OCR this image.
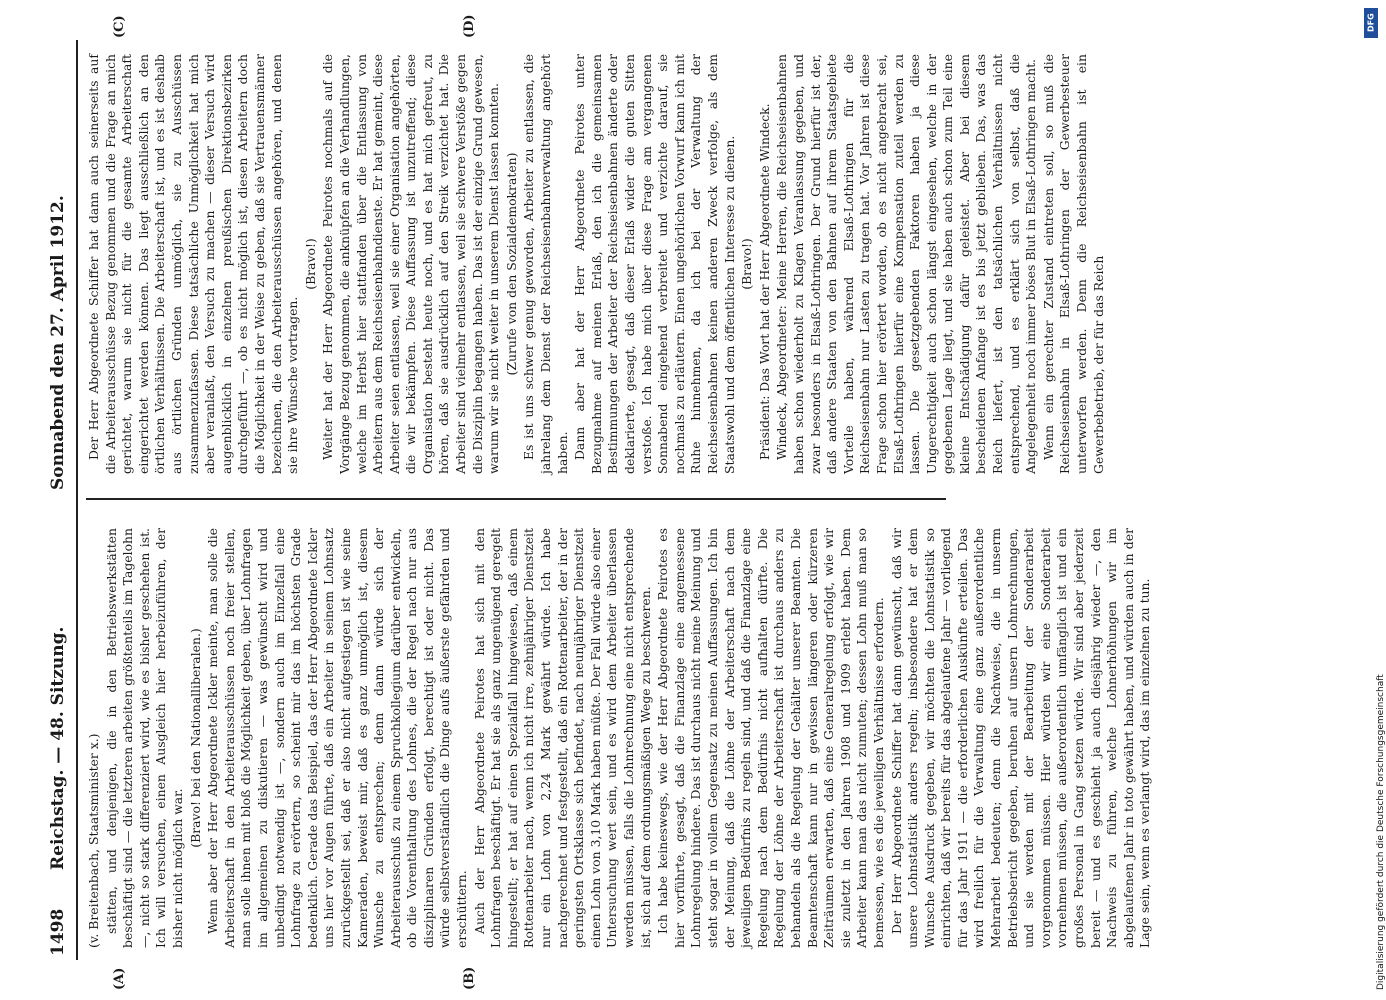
1498
Reichstag. — 48. Sitzung.
Sonnabend den 27. April 1912.
(A)	(B)
(C)	(D)

(v. Breitenbach, Staatsminister x.) stätten, und denjenigen, die in den Betriebswerkstätten beschäftigt sind — die letzteren arbeiten größtenteils im Tagelohn —, nicht so stark differenziert wird, wie es bisher geschehen ist. Ich will versuchen, einen Ausgleich hier herbeizuführen, der bisher nicht möglich war.

(Bravo! bei den Nationalliberalen.) Wenn aber der Herr Abgeordnete Ickler meinte, man solle die Arbeiterschaft in den Arbeiterausschüssen noch freier stellen, man solle ihnen mit bloß die Möglichkeit geben, über Lohnfragen im allgemeinen zu diskutieren — was gewünscht wird und unbedingt notwendig ist —, sondern auch im Einzelfall eine Lohnfrage zu erörtern, so scheint mir das im höchsten Grade bedenklich. Gerade das Beispiel, das der Herr Abgeordnete Ickler uns hier vor Augen führte, daß ein Arbeiter in seinem Lohnsatz zurückgestellt sei, daß er also nicht aufgestiegen ist wie seine Kameraden, beweist mir, daß es ganz unmöglich ist, diesem Wunsche zu entsprechen; denn dann würde sich der Arbeiterausschuß zu einem Spruchkollegium darüber entwickeln, ob die Vorenthaltung des Lohnes, die der Regel nach nur aus disziplinaren Gründen erfolgt, berechtigt ist oder nicht. Das würde selbstverständlich die Dinge aufs äußerste gefährden und erschüttern. Auch der Herr Abgeordnete Peirotes hat sich mit den Lohnfragen beschäftigt. Er hat sie als ganz ungenügend geregelt hingestellt; er hat auf einen Spezialfall hingewiesen, daß einem Rottenarbeiter nach, wenn ich nicht irre, zehnjähriger Dienstzeit nur ein Lohn von 2,24 Mark gewährt würde. Ich habe nachgerechnet und festgestellt, daß ein Rottenarbeiter, der in der geringsten Ortsklasse sich befindet, nach neunjähriger Dienstzeit einen Lohn von 3,10 Mark haben müßte. Der Fall würde also einer Untersuchung wert sein, und es wird dem Arbeiter überlassen werden müssen, falls die Lohnrechnung eine nicht entsprechende ist, sich auf dem ordnungsmäßigen Wege zu beschweren. Ich habe keineswegs, wie der Herr Abgeordnete Peirotes es hier vorführte, gesagt, daß die Finanzlage eine angemessene Lohnregelung hindere. Das ist durchaus nicht meine Meinung und steht sogar in vollem Gegensatz zu meinen Auffassungen. Ich bin der Meinung, daß die Löhne der Arbeiterschaft nach dem jeweiligen Bedürfnis zu regeln sind, und daß die Finanzlage eine Regelung nach dem Bedürfnis nicht aufhalten dürfte. Die Regelung der Löhne der Arbeiterschaft ist durchaus anders zu behandeln als die Regelung der Gehälter unserer Beamten. Die Beamtenschaft kann nur in gewissen längeren oder kürzeren Zeiträumen erwarten, daß eine Generalregelung erfolgt, wie wir sie zuletzt in den Jahren 1908 und 1909 erlebt haben. Dem Arbeiter kann man das nicht zumuten; dessen Lohn muß man so bemessen, wie es die jeweiligen Verhältnisse erfordern. Der Herr Abgeordnete Schiffer hat dann gewünscht, daß wir unsere Lohnstatistik anders regeln; insbesondere hat er dem Wunsche Ausdruck gegeben, wir möchten die Lohnstatistik so einrichten, daß wir bereits für das abgelaufene Jahr — vorliegend für das Jahr 1911 — die erforderlichen Auskünfte erteilen. Das wird freilich für die Verwaltung eine ganz außerordentliche Mehrarbeit bedeuten; denn die Nachweise, die in unserm Betriebsbericht gegeben, beruhen auf unsern Lohnrechnungen, und sie werden mit der Bearbeitung der Sonderarbeit vorgenommen müssen. Hier würden wir eine Sonderarbeit vornehmen müssen, die außerordentlich umfänglich ist und ein großes Personal in Gang setzen würde. Wir sind aber jederzeit bereit — und es geschieht ja auch diesjährig wieder —, den Nachweis zu führen, welche Lohnerhöhungen wir im abgelaufenen Jahr in toto gewährt haben, und würden auch in der Lage sein, wenn es verlangt wird, das im einzelnen zu tun.

Der Herr Abgeordnete Schiffer hat dann auch seinerseits auf die Arbeiterausschüsse Bezug genommen und die Frage an mich gerichtet, warum sie nicht für die gesamte Arbeiterschaft eingerichtet werden können. Das liegt ausschließlich an den örtlichen Verhältnissen. Die Arbeiterschaft ist, und es ist deshalb aus örtlichen Gründen unmöglich, sie zu Ausschüssen zusammenzufassen. Diese tatsächliche Unmöglichkeit hat mich aber veranlaßt, den Versuch zu machen — dieser Versuch wird augenblicklich in einzelnen preußischen Direktionsbezirken durchgeführt —, ob es nicht möglich ist, diesen Arbeitern doch die Möglichkeit in der Weise zu geben, daß sie Vertrauensmänner bezeichnen, die den Arbeiterausschüssen angehören, und denen sie ihre Wünsche vortragen.

(Bravo!) Weiter hat der Herr Abgeordnete Peirotes nochmals auf die Vorgänge Bezug genommen, die anknüpfen an die Verhandlungen, welche im Herbst hier stattfanden über die Entlassung von Arbeitern aus dem Reichseisenbahndienste. Er hat gemeint, diese Arbeiter seien entlassen, weil sie einer Organisation angehörten, die wir bekämpfen. Diese Auffassung ist unzutreffend; diese Organisation besteht heute noch, und es hat mich gefreut, zu hören, daß sie ausdrücklich auf den Streik verzichtet hat. Die Arbeiter sind vielmehr entlassen, weil sie schwere Verstöße gegen die Disziplin begangen haben. Das ist der einzige Grund gewesen, warum wir sie nicht weiter in unserem Dienst lassen konnten. (Zurufe von den Sozialdemokraten) Es ist uns schwer genug geworden, Arbeiter zu entlassen, die jahrelang dem Dienst der Reichseisenbahnverwaltung angehört haben. Dann aber hat der Herr Abgeordnete Peirotes unter Bezugnahme auf meinen Erlaß, den ich die gemeinsamen Bestimmungen der Arbeiter der Reichseisenbahnen änderte oder deklarierte, gesagt, daß dieser Erlaß wider die guten Sitten verstoße. Ich habe mich über diese Frage am vergangenen Sonnabend eingehend verbreitet und verzichte darauf, sie nochmals zu erläutern. Einen ungehörlichen Vorwurf kann ich mit Ruhe hinnehmen, da ich bei der Verwaltung der Reichseisenbahnen keinen anderen Zweck verfolge, als dem Staatswohl und dem öffentlichen Interesse zu dienen. (Bravo!) Präsident: Das Wort hat der Herr Abgeordnete Windeck. Windeck, Abgeordneter: Meine Herren, die Reichseisenbahnen haben schon wiederholt zu Klagen Veranlassung gegeben, und zwar besonders in Elsaß-Lothringen. Der Grund hierfür ist der, daß andere Staaten von den Bahnen auf ihrem Staatsgebiete Vorteile haben, während Elsaß-Lothringen für die Reichseisenbahn nur Lasten zu tragen hat. Vor Jahren ist diese Frage schon hier erörtert worden, ob es nicht angebracht sei, Elsaß-Lothringen hierfür eine Kompensation zuteil werden zu lassen. Die gesetzgebenden Faktoren haben ja diese Ungerechtigkeit auch schon längst eingesehen, welche in der gegebenen Lage liegt, und sie haben auch schon zum Teil eine kleine Entschädigung dafür geleistet. Aber bei diesem bescheidenen Anfange ist es bis jetzt geblieben. Das, was das Reich liefert, ist den tatsächlichen Verhältnissen nicht entsprechend, und es erklärt sich von selbst, daß die Angelegenheit noch immer böses Blut in Elsaß-Lothringen macht. Wenn ein gerechter Zustand eintreten soll, so muß die Reichseisenbahn in Elsaß-Lothringen der Gewerbesteuer unterworfen werden. Denn die Reichseisenbahn ist ein Gewerbebetrieb, der für das Reich

DFG
Digitalisierung gefördert durch die Deutsche Forschungsgemeinschaft
